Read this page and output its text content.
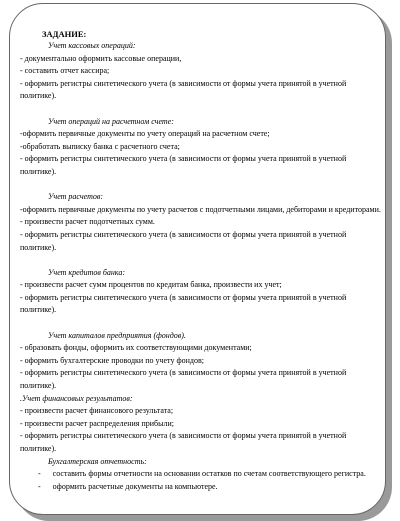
ЗАДАНИЕ:
Учет кассовых операций:
- документально оформить кассовые операции,
- составить отчет кассира;
- оформить регистры синтетического учета (в зависимости от формы учета принятой в учетной политике).
Учет операций на расчетном счете:
-оформить первичные документы по учету операций на расчетном счете;
-обработать выписку банка с расчетного счета;
- оформить регистры синтетического учета (в зависимости от формы учета принятой в учетной политике).
Учет расчетов:
-оформить первичные документы по учету расчетов с подотчетными лицами, дебиторами и кредиторами.
- произвести расчет подотчетных сумм.
- оформить регистры синтетического учета (в зависимости от формы учета принятой в учетной политике).
Учет кредитов банка:
- произвести расчет сумм процентов по кредитам банка, произвести их учет;
- оформить регистры синтетического учета (в зависимости от формы учета принятой в учетной политике).
Учет капиталов предприятия (фондов).
- образовать фонды, оформить их соответствующими документами;
- оформить бухгалтерские проводки по учету фондов;
- оформить регистры синтетического учета (в зависимости от формы учета принятой в учетной политике).
.Учет финансовых результатов:
- произвести расчет финансового результата;
- произвести расчет распределения прибыли;
- оформить регистры синтетического учета (в зависимости от формы учета принятой в учетной политике).
Бухгалтерская отчетность:
-      составить формы отчетности на основании остатков по счетам соответствующего регистра.
-      оформить расчетные документы на компьютере.
